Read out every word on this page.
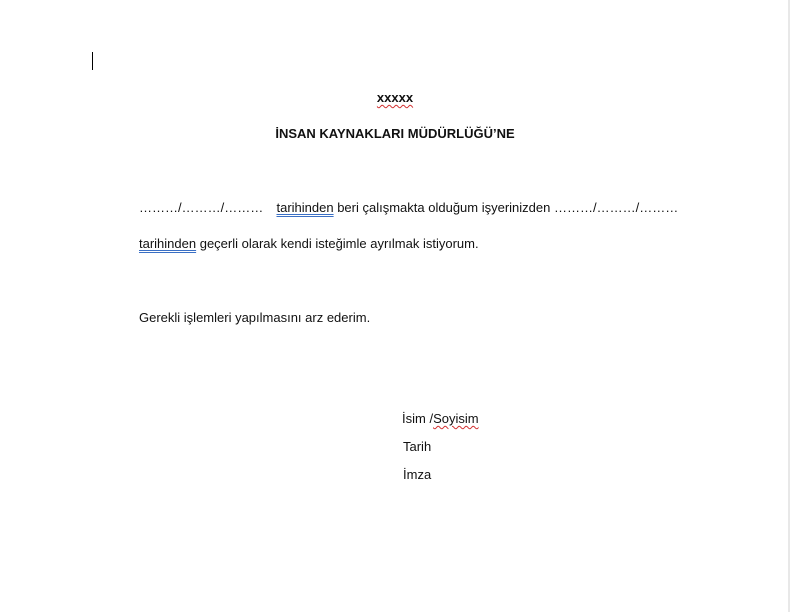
xxxxx
İNSAN KAYNAKLARI MÜDÜRLÜĞÜ’NE
………/………/……… tarihinden beri çalışmakta olduğum işyerinizden ………/………/………
tarihinden geçerli olarak kendi isteğimle ayrılmak istiyorum.
Gerekli işlemleri yapılmasını arz ederim.
İsim /Soyisim
Tarih
İmza
